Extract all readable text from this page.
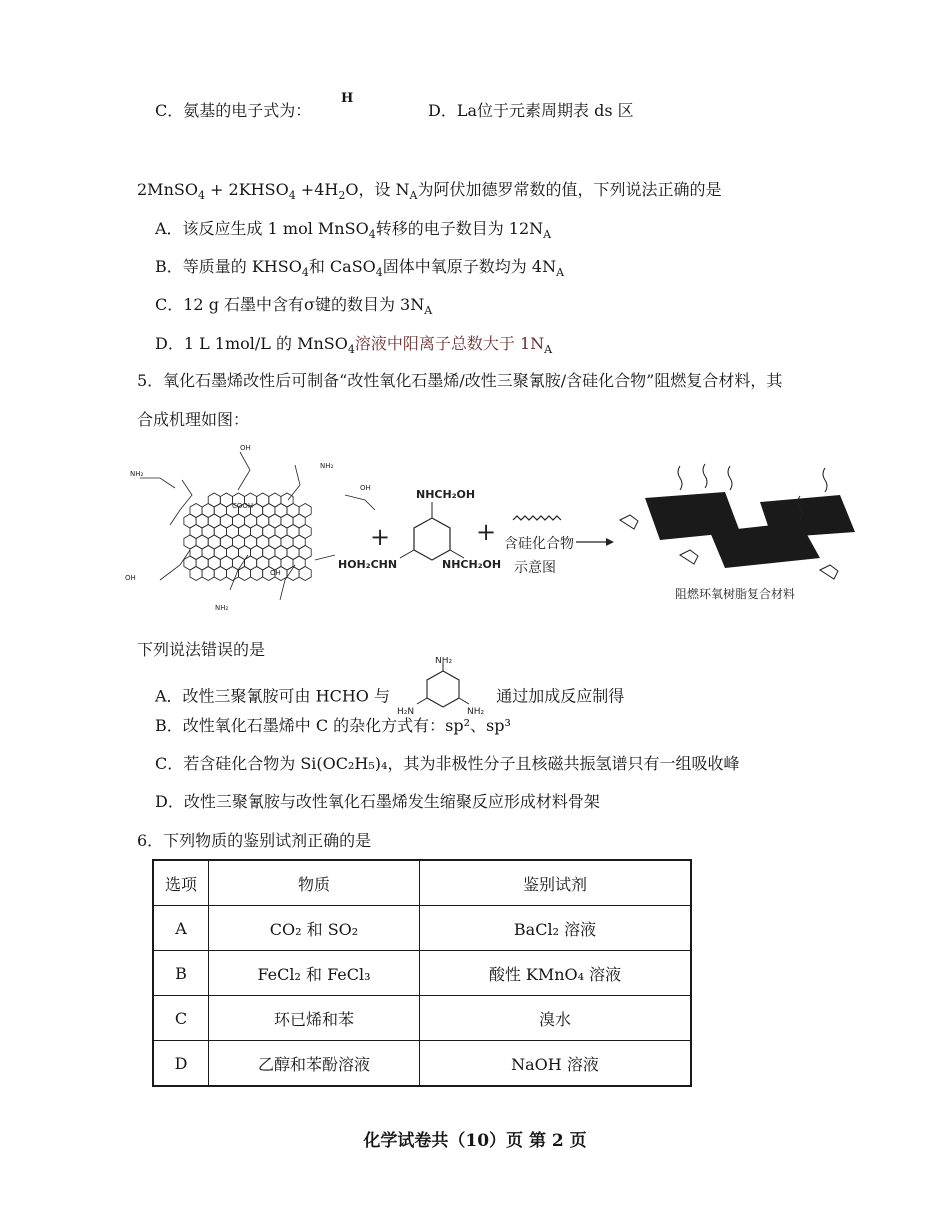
C．氨基的电子式为：
H
D．La位于元素周期表 ds 区
2MnSO$_4$ + $2KHSO_4 +4H_2O$，设 $N_A$为阿伏加德罗常数的值，下列说法正确的是
A．该反应生成 1 mol MnSO$_4$转移的电子数目为 $12N_A$
B．等质量的 $KHSO_4$和 CaSO$_4$固体中氧原子数均为 $4N_A$
C．12 g 石墨中含有σ键的数目为 $3N_A$
D．1 L 1mol/L 的 MnSO$_4$溶液中阳离子总数大于 $1N_A$
5．氧化石墨烯改性后可制备“改性氧化石墨烯/改性三聚氰胺/含硅化合物”阻燃复合材料，其
合成机理如图：
NH₂
NH₂
OH
OH
OH
OH
COOH
NH₂
+
NHCH₂OH
HOH₂CHN	NHCH₂OH
+ 含硅化合物
示意图
阻燃环氧树脂复合材料
下列说法错误的是
A．改性三聚氰胺可由 HCHO 与
NH₂
H₂N	NH₂
通过加成反应制得
B．改性氧化石墨烯中 C 的杂化方式有：sp²、sp³
C．若含硅化合物为 Si(OC₂H₅)₄，其为非极性分子且核磁共振氢谱只有一组吸收峰
D．改性三聚氰胺与改性氧化石墨烯发生缩聚反应形成材料骨架
6．下列物质的鉴别试剂正确的是
选项	物质	鉴别试剂
A	CO₂ 和 SO₂	BaCl₂ 溶液
B	FeCl₂ 和 FeCl₃	酸性 KMnO₄ 溶液
C	环已烯和苯	溴水
D	乙醇和苯酚溶液	NaOH 溶液
化学试卷共（10）页 第 2 页
